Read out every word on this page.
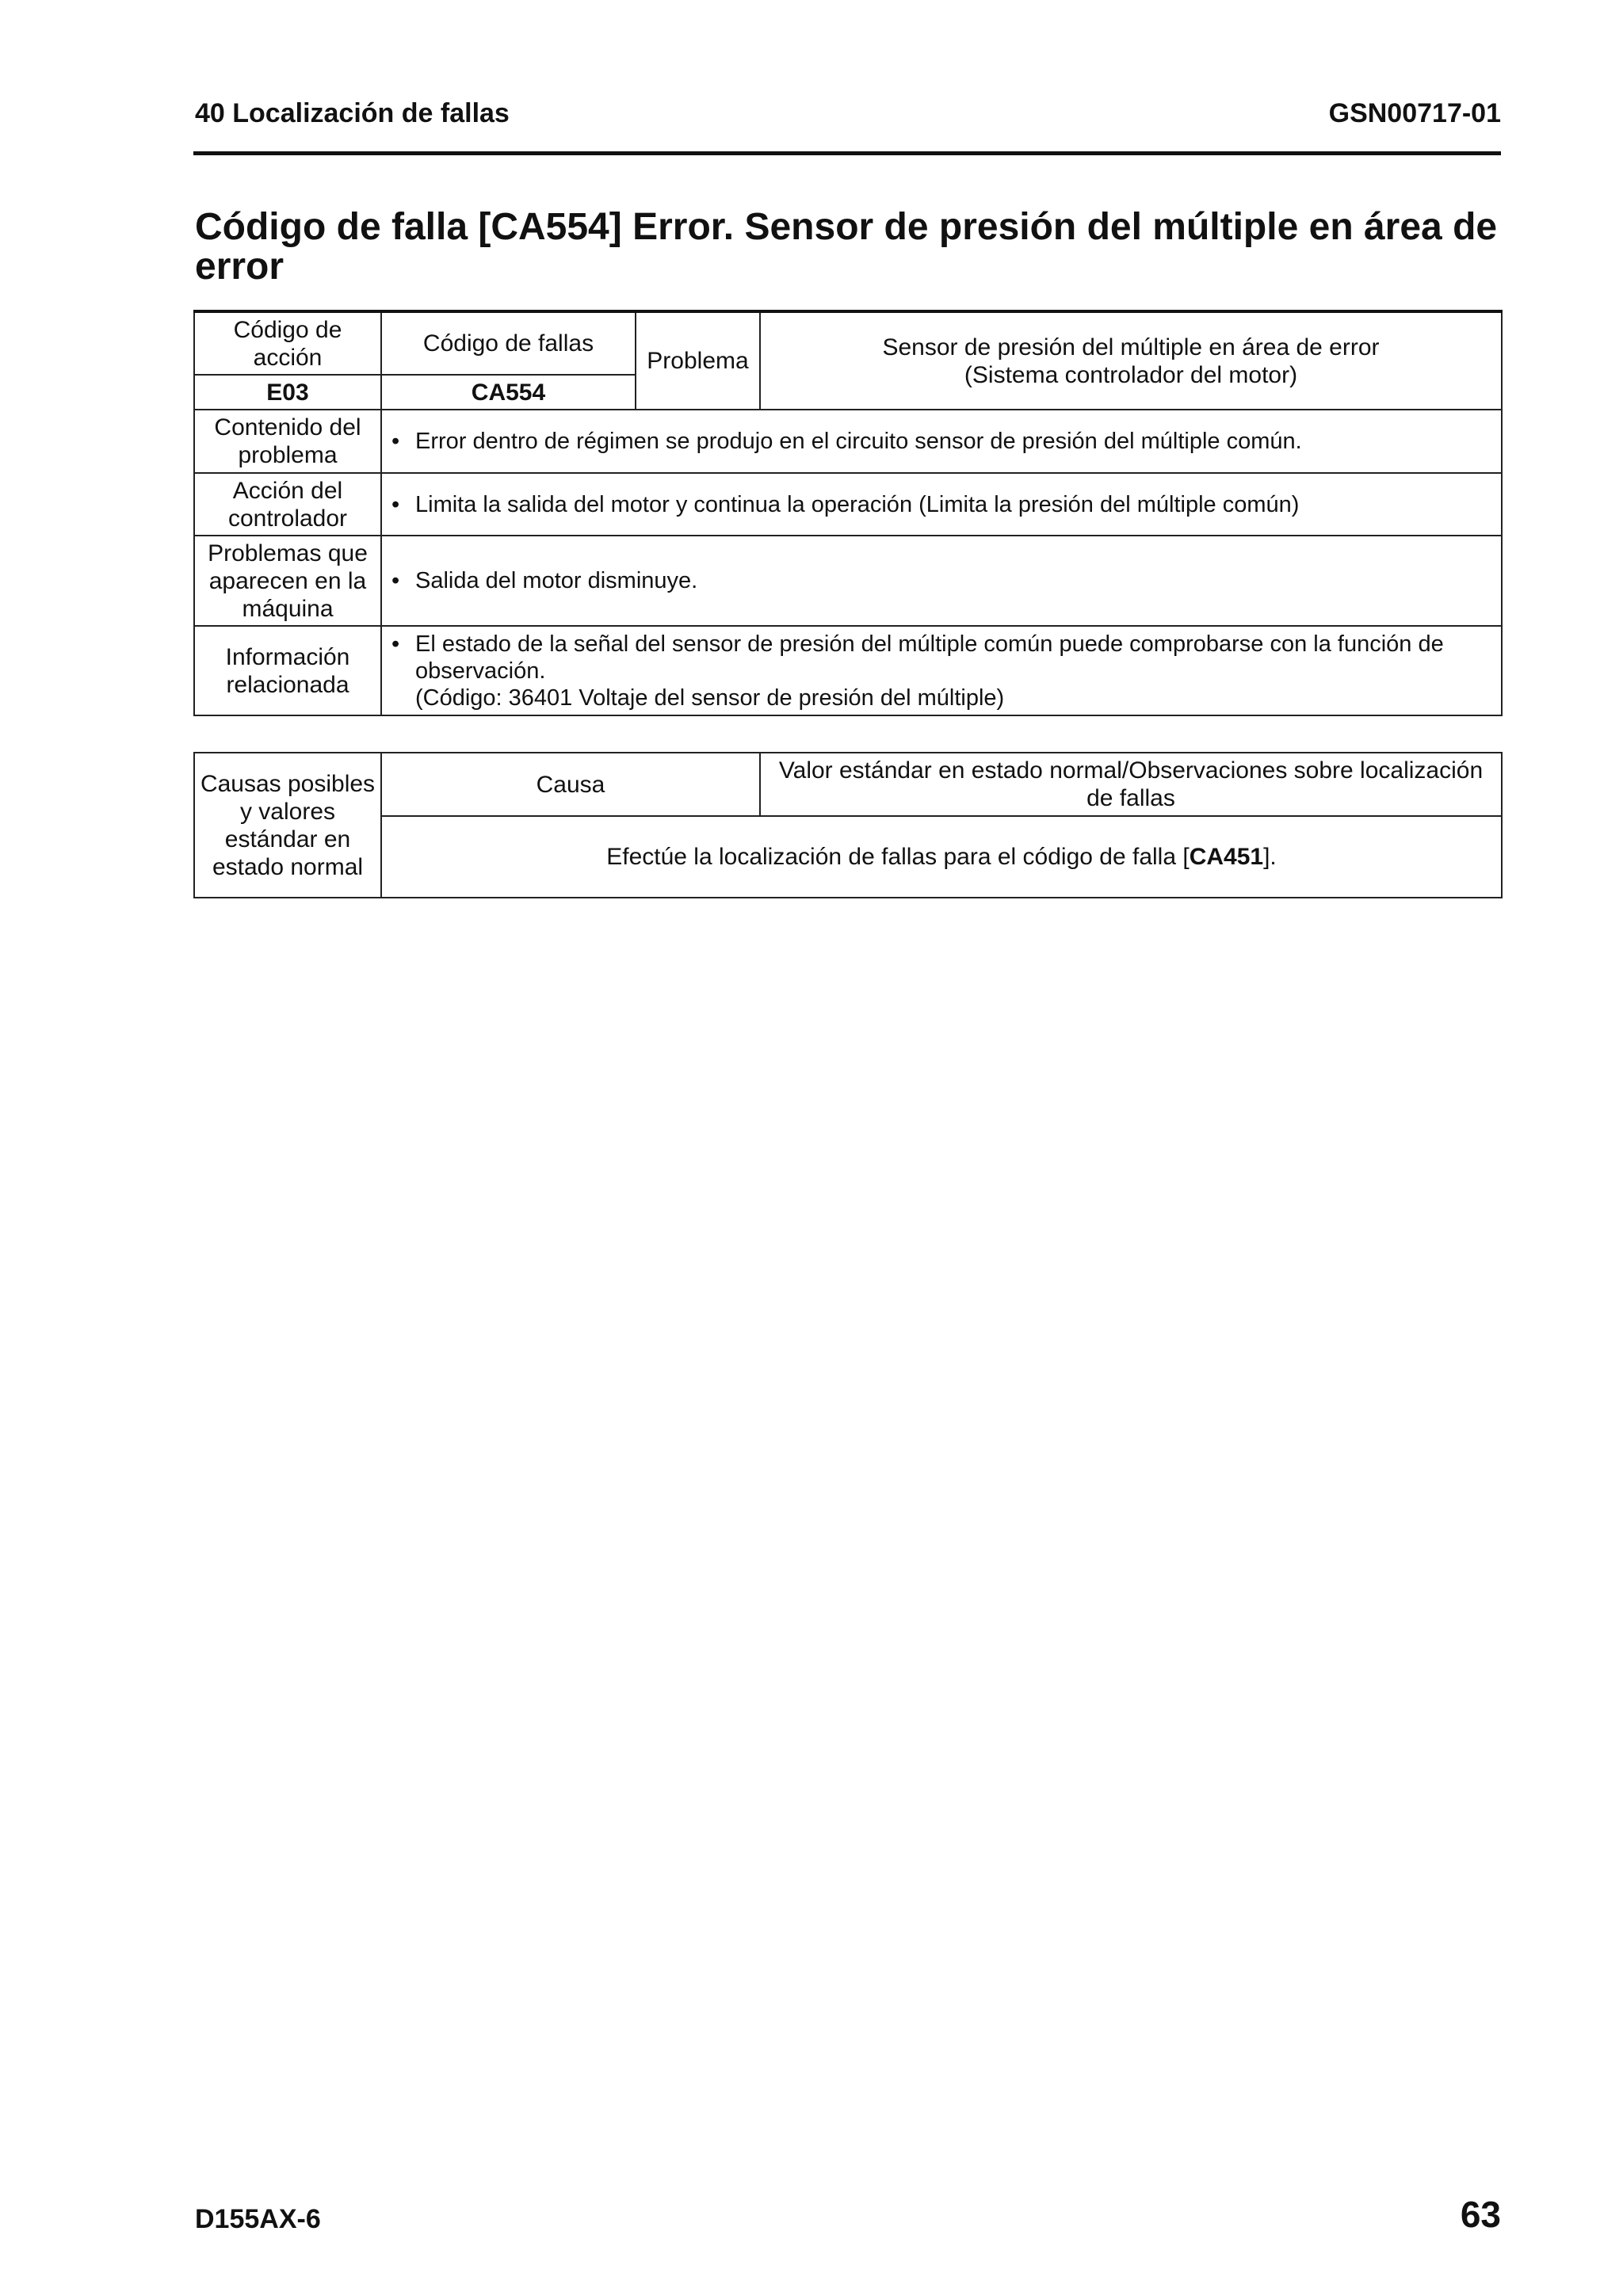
40 Localización de fallas	GSN00717-01
Código de falla [CA554] Error. Sensor de presión del múltiple en área de error
Código de acción	Código de fallas	Problema	Sensor de presión del múltiple en área de error
(Sistema controlador del motor)

E03	CA554		
Contenido del problema	• Error dentro de régimen se produjo en el circuito sensor de presión del múltiple común.		

Acción del controlador	• Limita la salida del motor y continua la operación (Limita la presión del múltiple común)		

Problemas que aparecen en la máquina	• Salida del motor disminuye.		

Información relacionada	• El estado de la señal del sensor de presión del múltiple común puede comprobarse con la función de observación.
(Código: 36401 Voltaje del sensor de presión del múltiple)		
Causas posibles y valores estándar en estado normal	Causa	Valor estándar en estado normal/Observaciones sobre localización de fallas
Efectúe la localización de fallas para el código de falla [CA451].
D155AX-6	63
